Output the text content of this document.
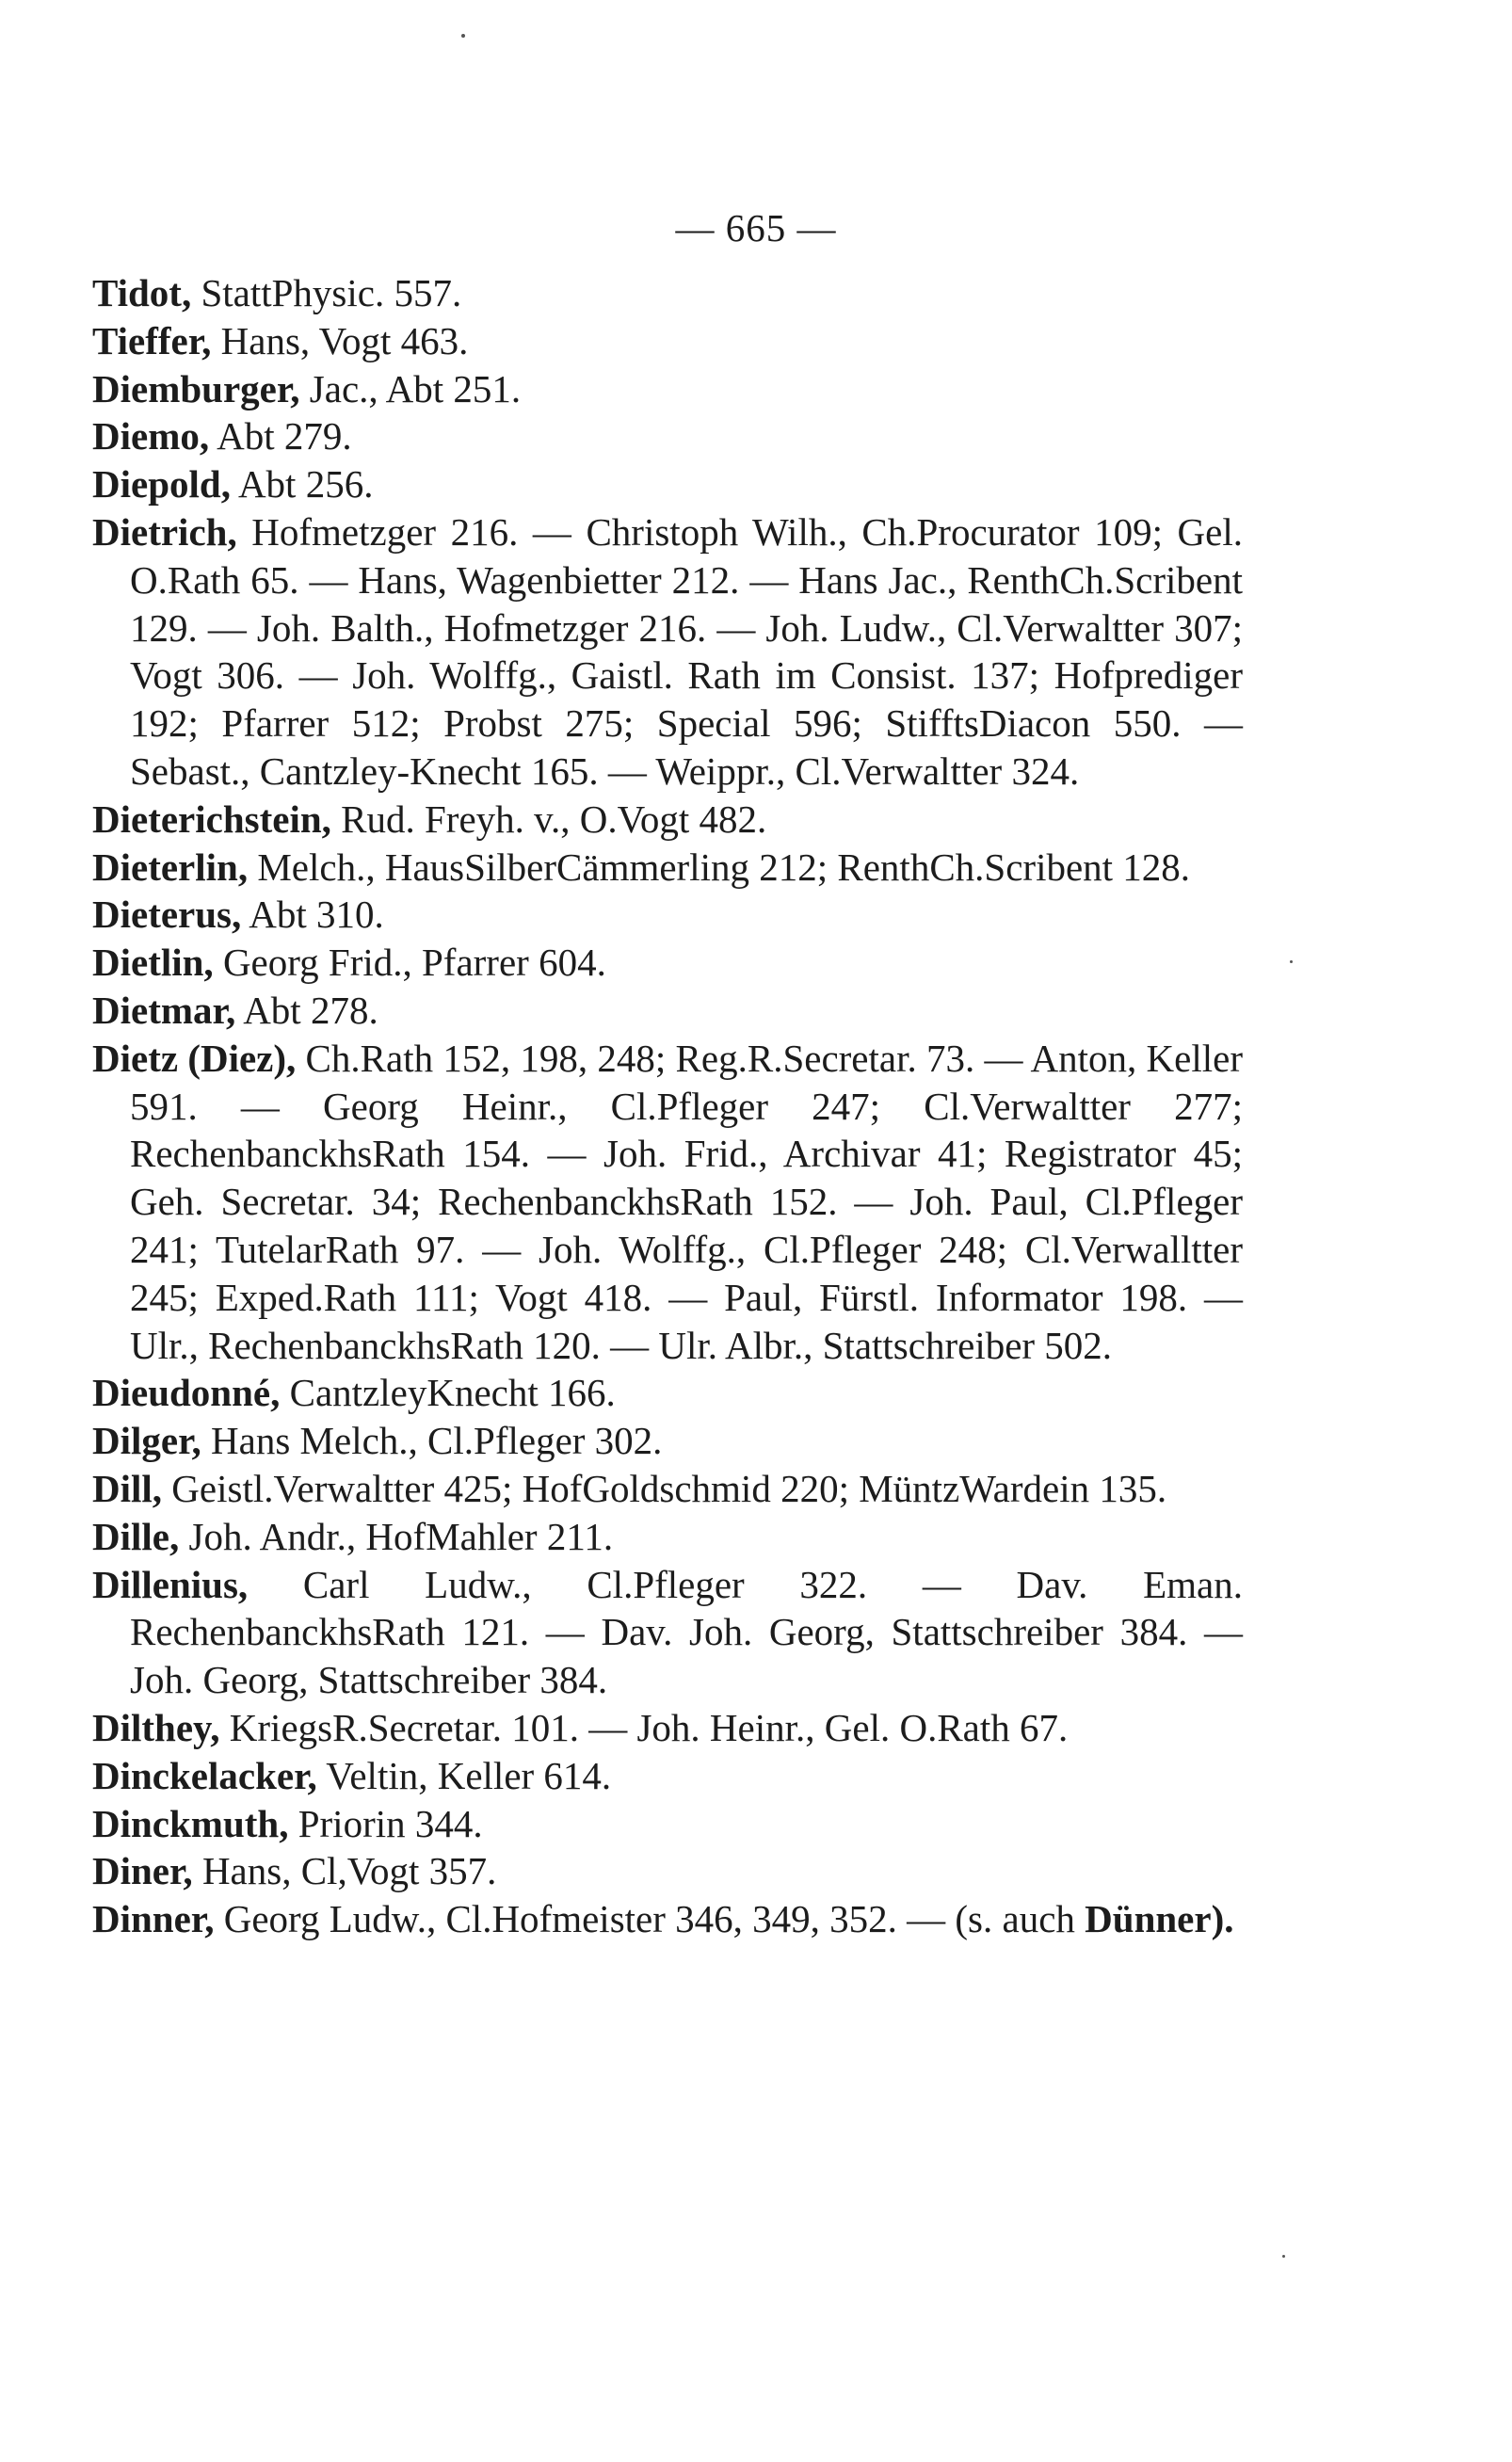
— 665 —

Tidot, StattPhysic. 557.

Tieffer, Hans, Vogt 463.

Diemburger, Jac., Abt 251.

Diemo, Abt 279.

Diepold, Abt 256.

Dietrich, Hofmetzger 216. — Christoph Wilh., Ch.Procurator 109; Gel. O.Rath 65. — Hans, Wagenbietter 212. — Hans Jac., RenthCh.Scribent 129. — Joh. Balth., Hofmetzger 216. — Joh. Ludw., Cl.Verwaltter 307; Vogt 306. — Joh. Wolffg., Gaistl. Rath im Consist. 137; Hofprediger 192; Pfarrer 512; Probst 275; Special 596; StifftsDiacon 550. — Sebast., Cantzley-Knecht 165. — Weippr., Cl.Verwaltter 324.

Dieterichstein, Rud. Freyh. v., O.Vogt 482.

Dieterlin, Melch., HausSilberCämmerling 212; RenthCh.Scribent 128.

Dieterus, Abt 310.

Dietlin, Georg Frid., Pfarrer 604.

Dietmar, Abt 278.

Dietz (Diez), Ch.Rath 152, 198, 248; Reg.R.Secretar. 73. — Anton, Keller 591. — Georg Heinr., Cl.Pfleger 247; Cl.Verwaltter 277; RechenbanckhsRath 154. — Joh. Frid., Archivar 41; Registrator 45; Geh. Secretar. 34; RechenbanckhsRath 152. — Joh. Paul, Cl.Pfleger 241; TutelarRath 97. — Joh. Wolffg., Cl.Pfleger 248; Cl.Verwalltter 245; Exped.Rath 111; Vogt 418. — Paul, Fürstl. Informator 198. — Ulr., RechenbanckhsRath 120. — Ulr. Albr., Stattschreiber 502.

Dieudonné, CantzleyKnecht 166.

Dilger, Hans Melch., Cl.Pfleger 302.

Dill, Geistl.Verwaltter 425; HofGoldschmid 220; MüntzWardein 135.

Dille, Joh. Andr., HofMahler 211.

Dillenius, Carl Ludw., Cl.Pfleger 322. — Dav. Eman. RechenbanckhsRath 121. — Dav. Joh. Georg, Stattschreiber 384. — Joh. Georg, Stattschreiber 384.

Dilthey, KriegsR.Secretar. 101. — Joh. Heinr., Gel. O.Rath 67.

Dinckelacker, Veltin, Keller 614.

Dinckmuth, Priorin 344.

Diner, Hans, Cl,Vogt 357.

Dinner, Georg Ludw., Cl.Hofmeister 346, 349, 352. — (s. auch Dünner).
